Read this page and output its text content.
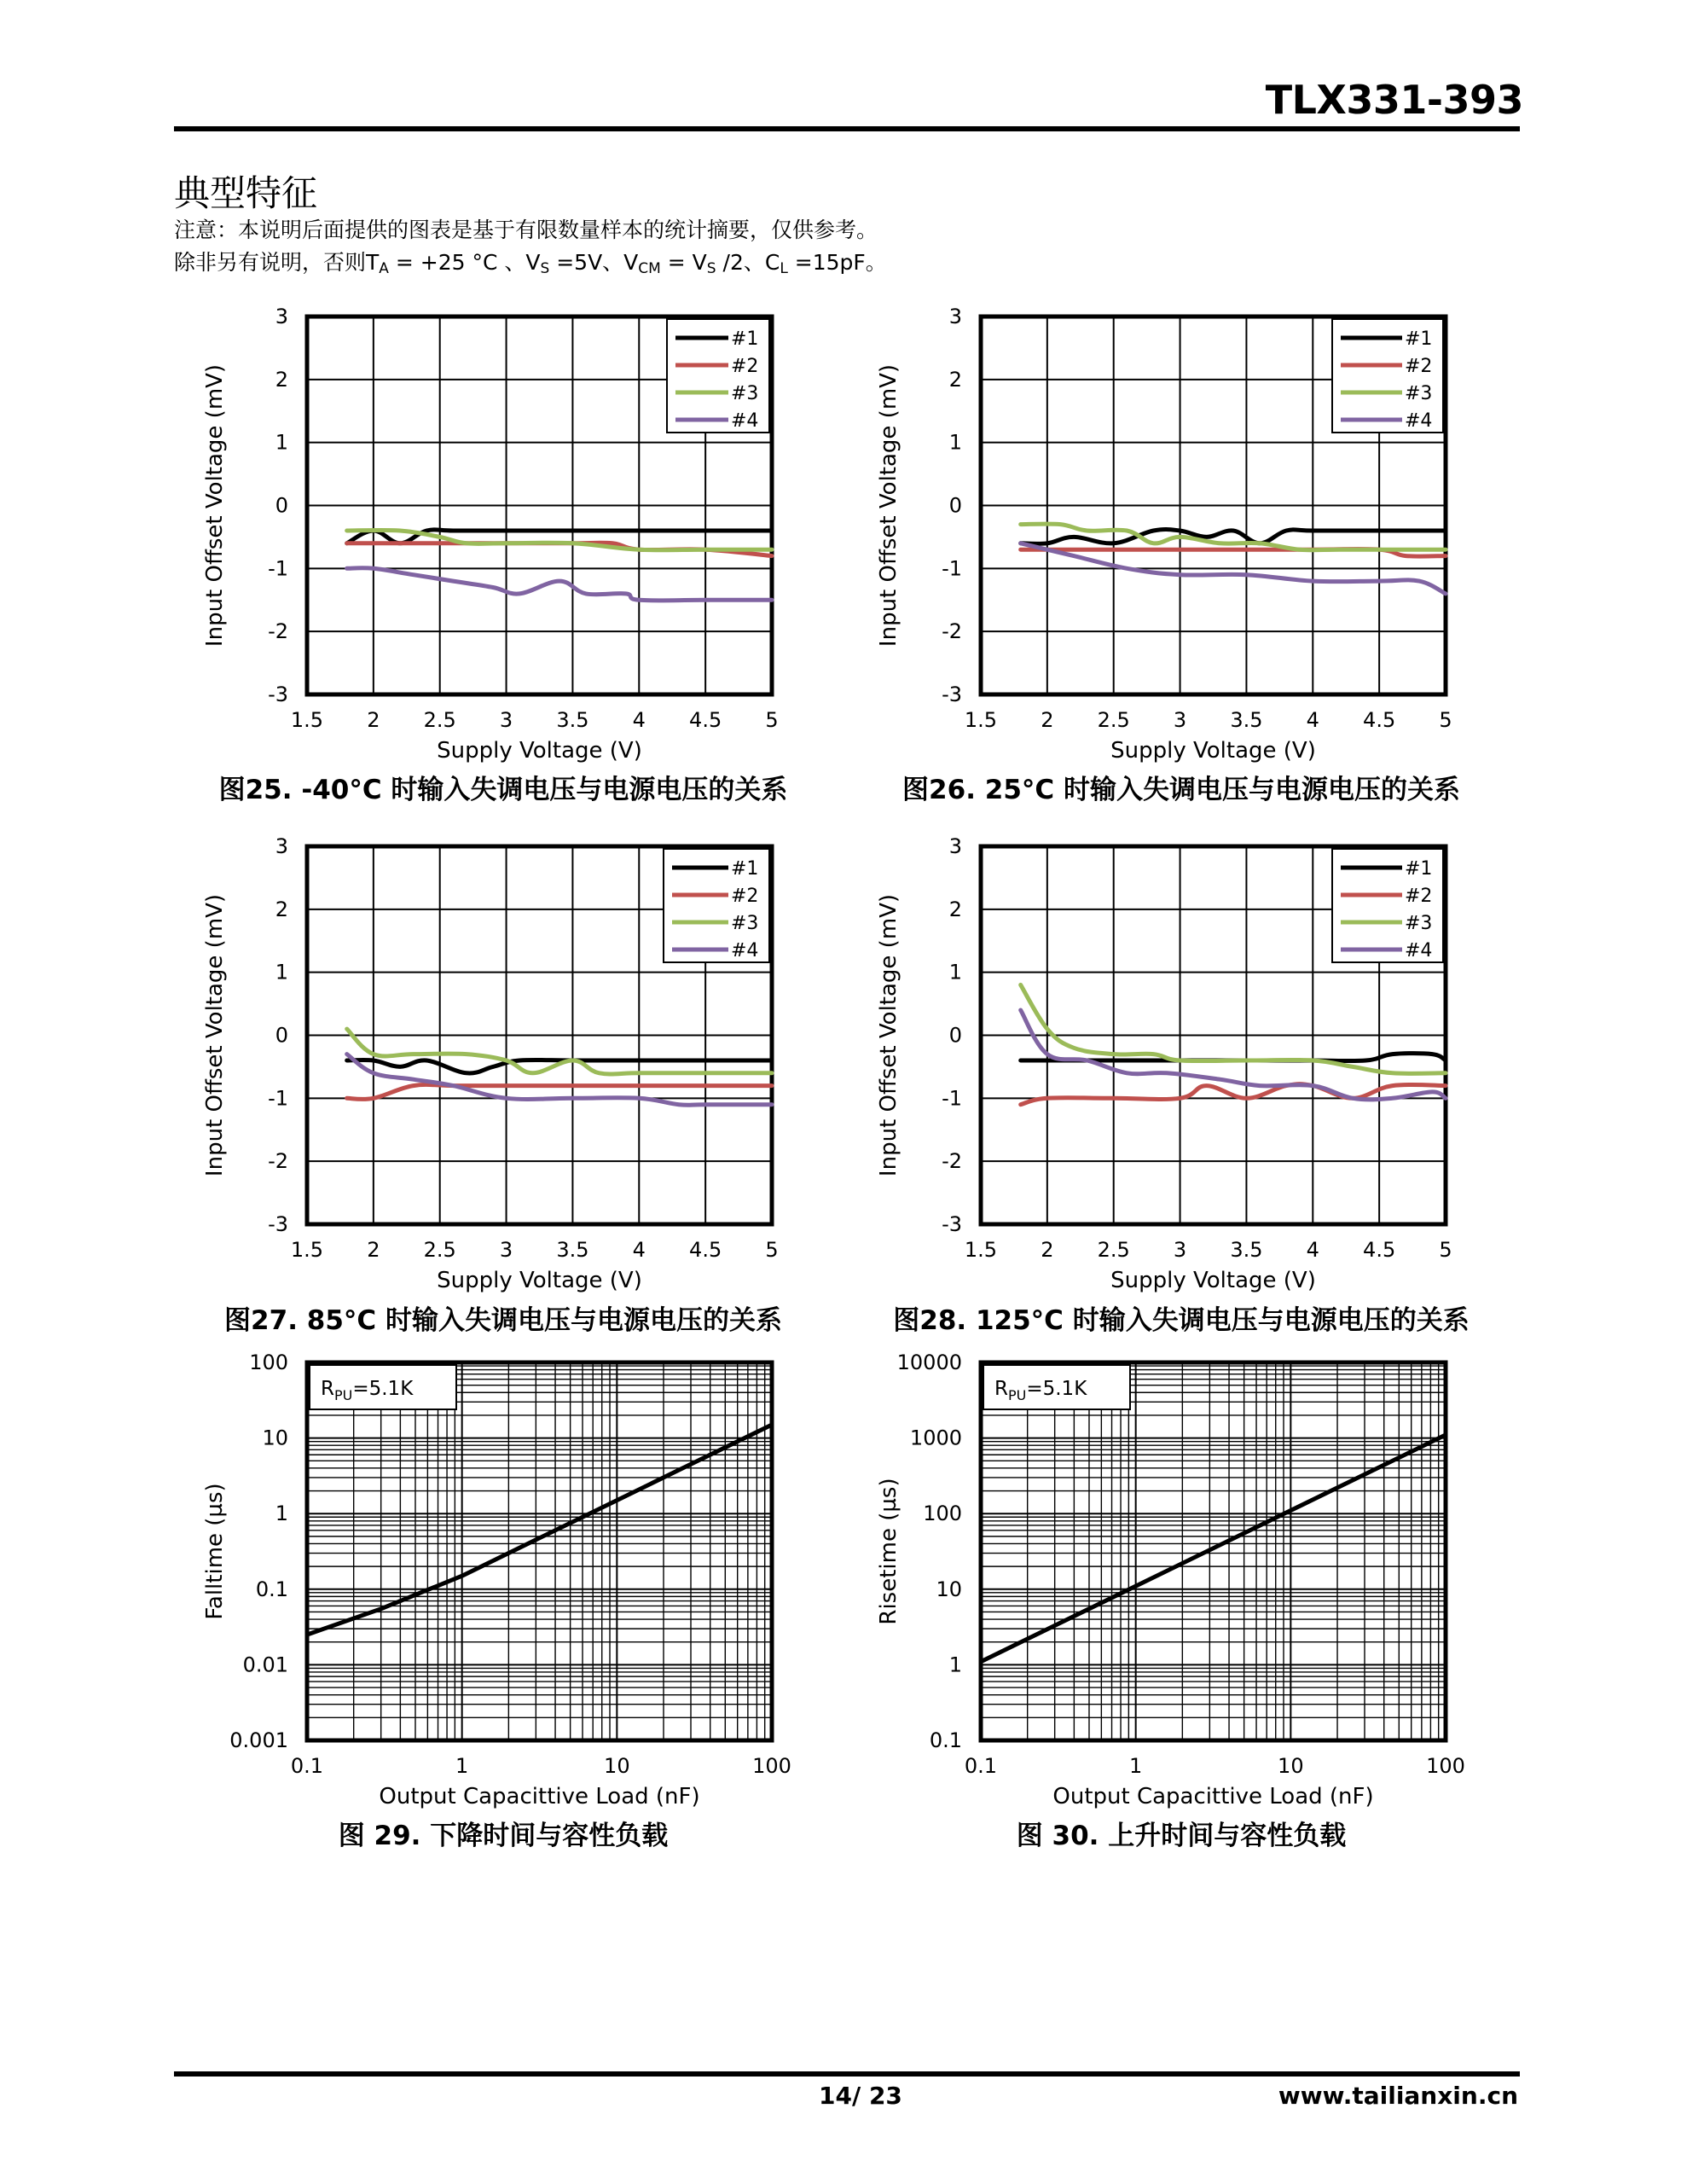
TLX331-393
典型特征
注意：本说明后面提供的图表是基于有限数量样本的统计摘要，仅供参考。
除非另有说明，否则$T_A = +25$ °C 、$V_S =5V$、$V_{CM} = V_S$ /2、$C_L =15pF$。
1.5 2 2.5 3 3.5 4 4.5 5
-3
-2
-1
0
1
2
3
Supply Voltage (V)
Input Offset Voltage (mV)
#1
#2
#3
#4
1.5 2 2.5 3 3.5 4 4.5 5
-3
-2
-1
0
1
2
3
Supply Voltage (V)
Input Offset Voltage (mV)
#1
#2
#3
#4
1.5 2 2.5 3 3.5 4 4.5 5
-3
-2
-1
0
1
2
3
Supply Voltage (V)
Input Offset Voltage (mV)
#1
#2
#3
#4
1.5 2 2.5 3 3.5 4 4.5 5
-3
-2
-1
0
1
2
3
Supply Voltage (V)
Input Offset Voltage (mV)
#1
#2
#3
#4
0.1	1	10	100
0.001
0.01
0.1
1
10
100
Output Capacittive Load (nF)
Falltime (µs)
$R_{PU}=5.1K$
0.1	1	10	100
0.1
1
10
100
1000
10000
Output Capacittive Load (nF)
Risetime (µs)
$R_{PU}=5.1K$
图25. -40°C 时输入失调电压与电源电压的关系	图26. 25°C 时输入失调电压与电源电压的关系
图27. 85°C 时输入失调电压与电源电压的关系	图28. 125°C 时输入失调电压与电源电压的关系
图 29. 下降时间与容性负载	图 30. 上升时间与容性负载
14/ 23	www.tailianxin.cn
